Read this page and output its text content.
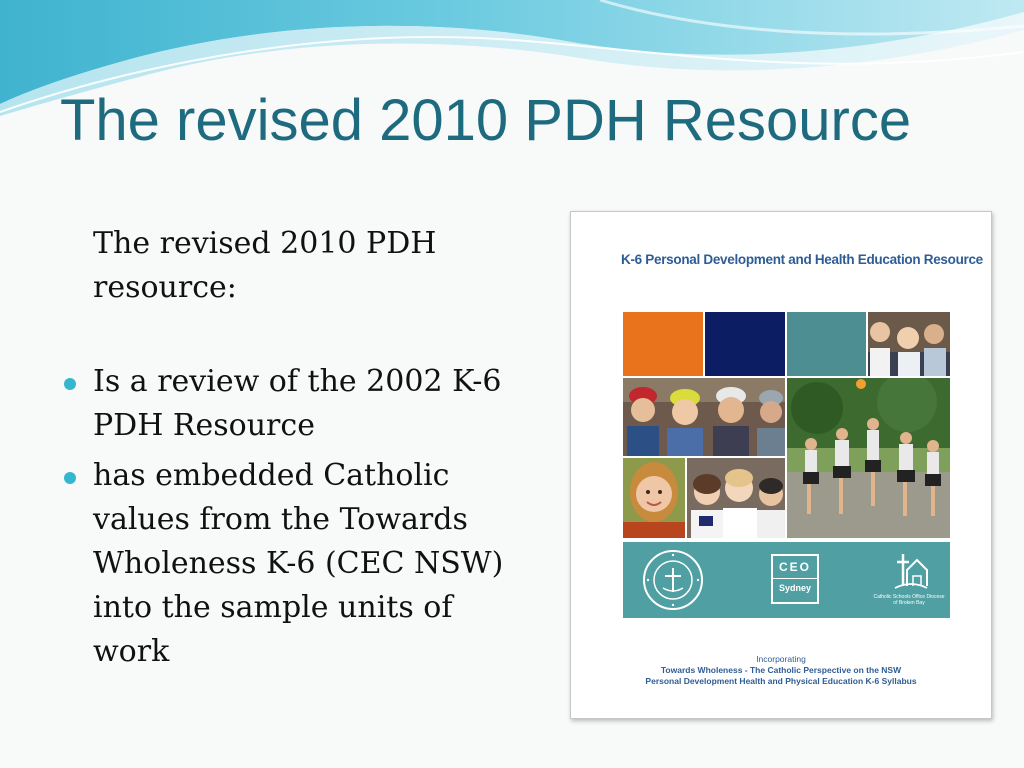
The revised 2010 PDH Resource

The revised 2010 PDH resource:

Is a review of the 2002 K-6 PDH Resource
has embedded Catholic values from the Towards Wholeness K-6 (CEC NSW) into the sample units of work
K-6 Personal Development and Health Education Resource
CEO
Sydney
Catholic Schools Office Diocese of Broken Bay
Incorporating
Towards Wholeness - The Catholic Perspective on the NSW
Personal Development Health and Physical Education K-6 Syllabus
